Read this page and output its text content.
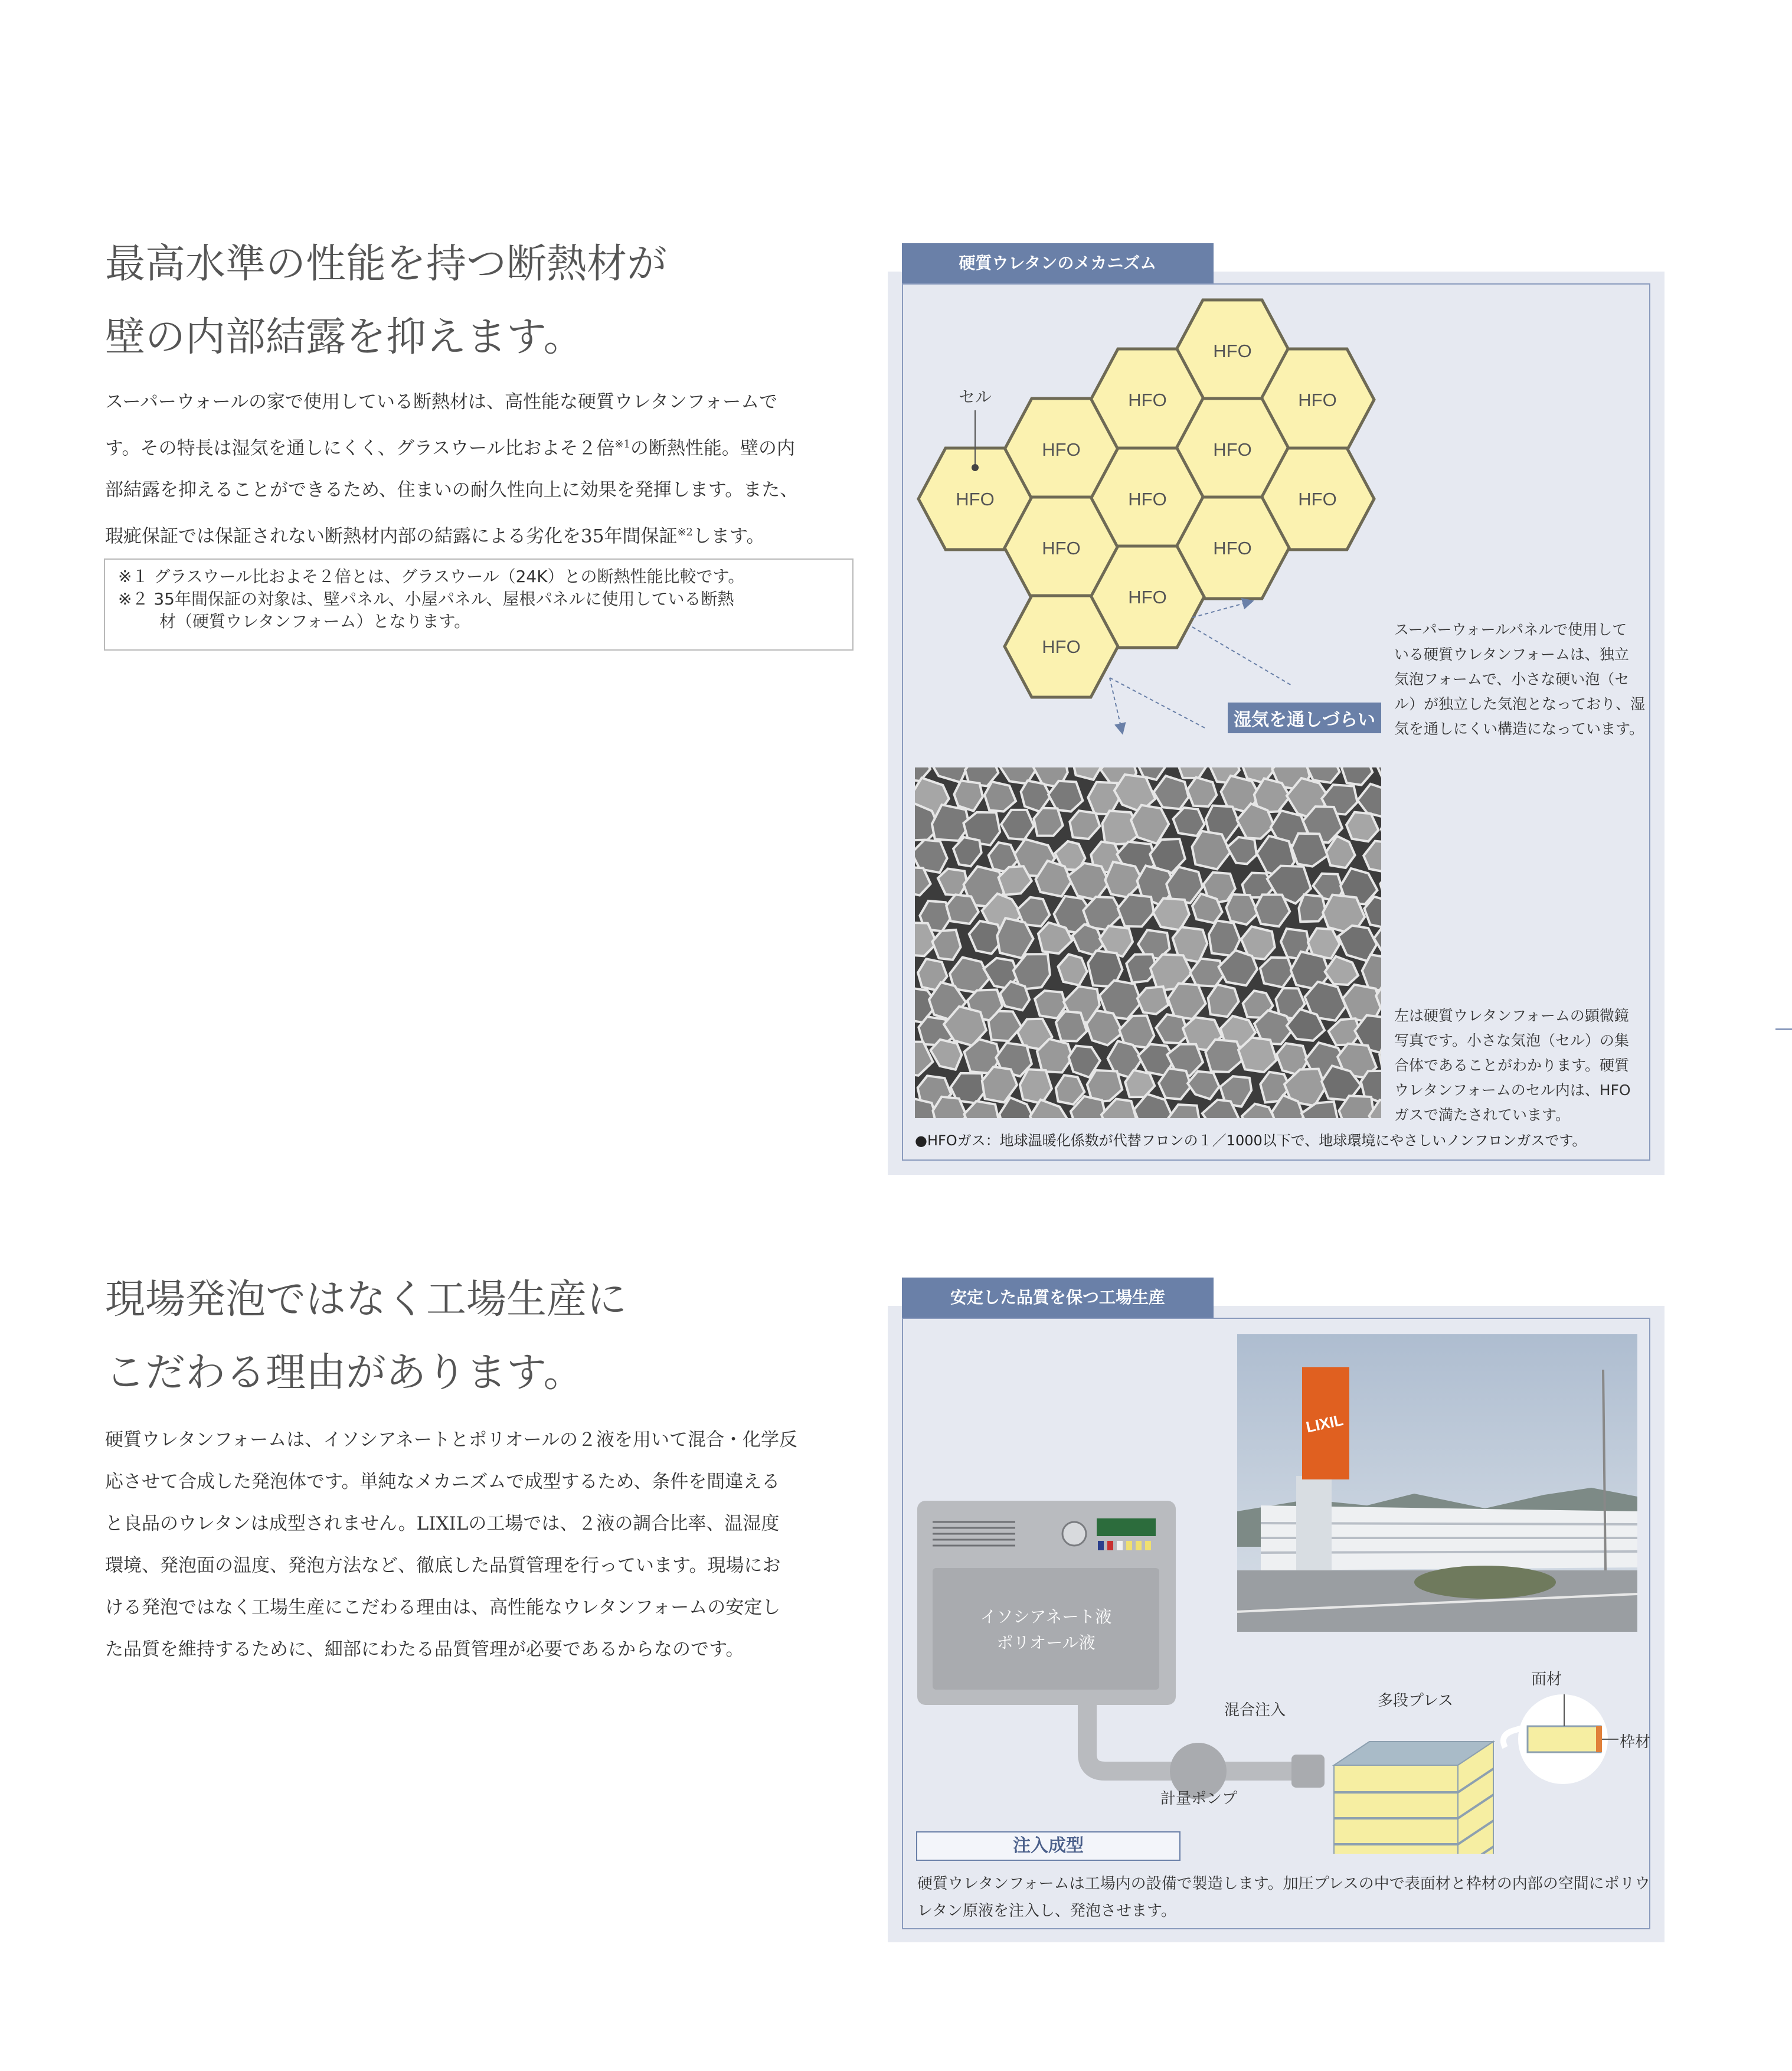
最高水準の性能を持つ断熱材が
壁の内部結露を抑えます。
スーパーウォールの家で使用している断熱材は、高性能な硬質ウレタンフォームで
す。その特長は湿気を通しにくく、グラスウール比およそ２倍$^{※1}$の断熱性能。壁の内
部結露を抑えることができるため、住まいの耐久性向上に効果を発揮します。また、
瑕疵保証では保証されない断熱材内部の結露による劣化を35年間保証$^{※2}$します。
※１ グラスウール比およそ２倍とは、グラスウール（24K）との断熱性能比較です。
※２ 35年間保証の対象は、壁パネル、小屋パネル、屋根パネルに使用している断熱
材（硬質ウレタンフォーム）となります。
硬質ウレタンのメカニズム
HFO
HFO	HFO
HFO	HFO
HFO	HFO	HFO
HFO	HFO
HFO
HFO
セル
湿気を通しづらい
スーパーウォールパネルで使用して
いる硬質ウレタンフォームは、独立
気泡フォームで、小さな硬い泡（セ
ル）が独立した気泡となっており、湿
気を通しにくい構造になっています。
左は硬質ウレタンフォームの顕微鏡
写真です。小さな気泡（セル）の集
合体であることがわかります。硬質
ウレタンフォームのセル内は、HFO
ガスで満たされています。
●HFOガス：地球温暖化係数が代替フロンの１／1000以下で、地球環境にやさしいノンフロンガスです。
現場発泡ではなく工場生産に
こだわる理由があります。
硬質ウレタンフォームは、イソシアネートとポリオールの２液を用いて混合・化学反
応させて合成した発泡体です。単純なメカニズムで成型するため、条件を間違える
と良品のウレタンは成型されません。LIXILの工場では、２液の調合比率、温湿度
環境、発泡面の温度、発泡方法など、徹底した品質管理を行っています。現場にお
ける発泡ではなく工場生産にこだわる理由は、高性能なウレタンフォームの安定し
た品質を維持するために、細部にわたる品質管理が必要であるからなのです。
安定した品質を保つ工場生産
LIXIL
イソシアネート液
ポリオール液
混合注入
計量ポンプ
多段プレス
面材
枠材
注入成型
硬質ウレタンフォームは工場内の設備で製造します。加圧プレスの中で表面材と枠材の内部の空間にポリウ
レタン原液を注入し、発泡させます。
